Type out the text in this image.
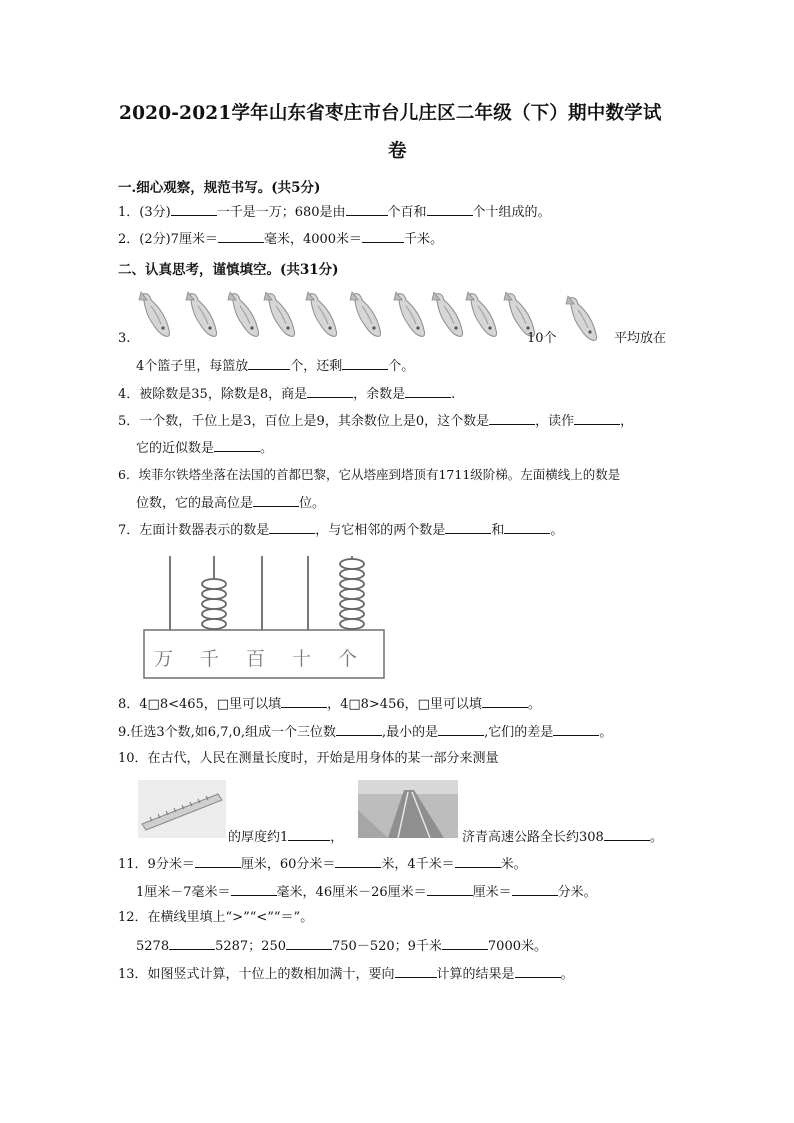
2020-2021学年山东省枣庄市台儿庄区二年级（下）期中数学试
卷
一.细心观察，规范书写。(共5分)
1．(3分)	一千是一万；680是由	个百和	个十组成的。
2．(2分)7厘米＝	毫米，4000米＝	千米。
二、认真思考，谨慎填空。(共31分)
3.	10个	平均放在
4个篮子里，每篮放	个，还剩	个。
4．被除数是35，除数是8，商是	，余数是	.
5．一个数，千位上是3，百位上是9，其余数位上是0，这个数是	，读作	，
它的近似数是	。
6．埃菲尔铁塔坐落在法国的首都巴黎，它从塔座到塔顶有1711级阶梯。左面横线上的数是
位数，它的最高位是	位。
7．左面计数器表示的数是	，与它相邻的两个数是	和	。
万 千 百 十 个
8．4□8<465，□里可以填	，4□8>456，□里可以填	。
9.任选3个数,如6,7,0,组成一个三位数	,最小的是	,它们的差是	。
10．在古代，人民在测量长度时，开始是用身体的某一部分来测量
的厚度约1	，	济青高速公路全长约308	。
11．9分米＝	厘米，60分米＝	米，4千米＝	米。
1厘米－7毫米＝	毫米，46厘米－26厘米＝	厘米＝	分米。
12．在横线里填上“>”“<”“＝”。
5278	5287；250	750－520；9千米	7000米。
13．如图竖式计算，十位上的数相加满十，要向	计算的结果是	。
